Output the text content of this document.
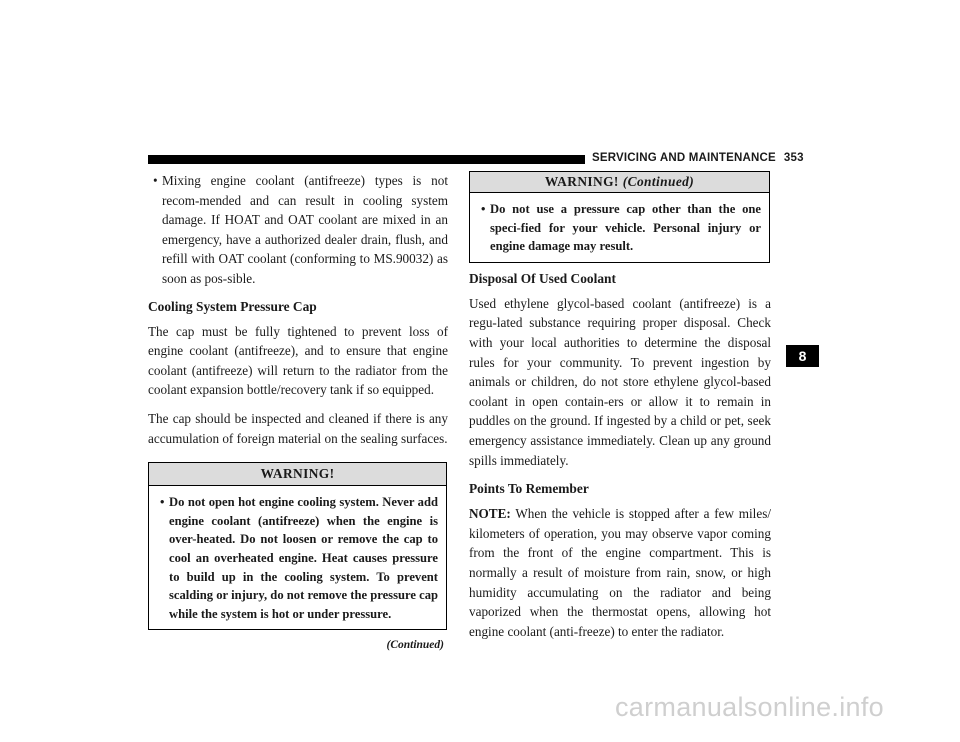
SERVICING AND MAINTENANCE 353
• Mixing engine coolant (antifreeze) types is not recom-mended and can result in cooling system damage. If HOAT and OAT coolant are mixed in an emergency, have a authorized dealer drain, flush, and refill with OAT coolant (conforming to MS.90032) as soon as pos-sible.
Cooling System Pressure Cap

The cap must be fully tightened to prevent loss of engine coolant (antifreeze), and to ensure that engine coolant (antifreeze) will return to the radiator from the coolant expansion bottle/recovery tank if so equipped.

The cap should be inspected and cleaned if there is any accumulation of foreign material on the sealing surfaces.

WARNING!
• Do not open hot engine cooling system. Never add engine coolant (antifreeze) when the engine is over-heated. Do not loosen or remove the cap to cool an overheated engine. Heat causes pressure to build up in the cooling system. To prevent scalding or injury, do not remove the pressure cap while the system is hot or under pressure.
(Continued)
WARNING! (Continued)
• Do not use a pressure cap other than the one speci-fied for your vehicle. Personal injury or engine damage may result.
Disposal Of Used Coolant

Used ethylene glycol-based coolant (antifreeze) is a regu-lated substance requiring proper disposal. Check with your local authorities to determine the disposal rules for your community. To prevent ingestion by animals or children, do not store ethylene glycol-based coolant in open contain-ers or allow it to remain in puddles on the ground. If ingested by a child or pet, seek emergency assistance immediately. Clean up any ground spills immediately.

Points To Remember

NOTE: When the vehicle is stopped after a few miles/ kilometers of operation, you may observe vapor coming from the front of the engine compartment. This is normally a result of moisture from rain, snow, or high humidity accumulating on the radiator and being vaporized when the thermostat opens, allowing hot engine coolant (anti-freeze) to enter the radiator.

8
carmanualsonline.info
